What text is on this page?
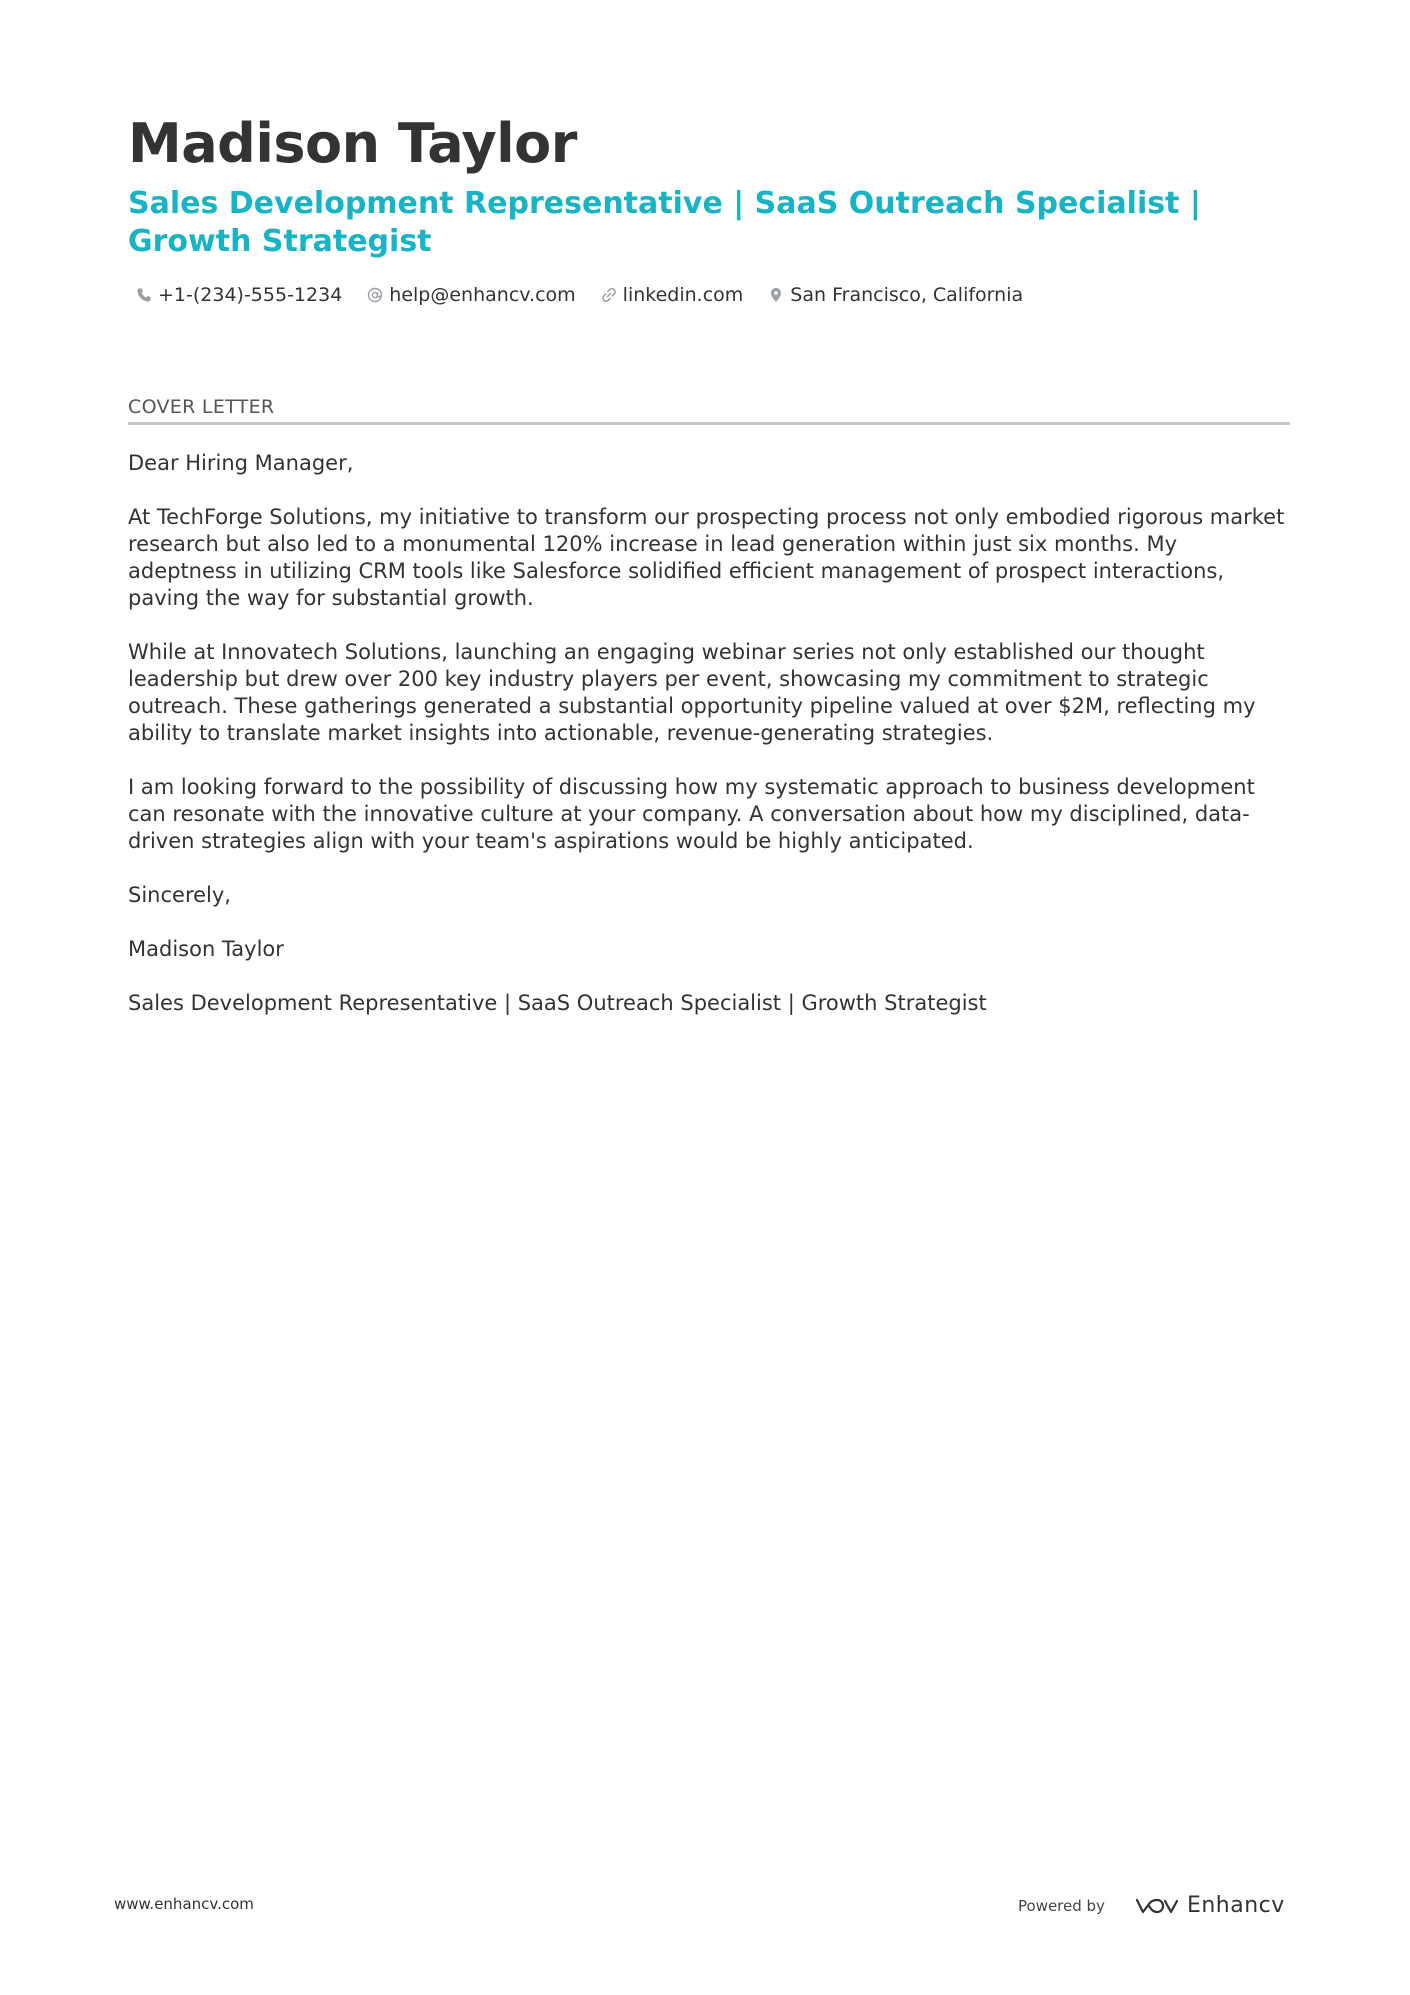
Madison Taylor
Sales Development Representative | SaaS Outreach Specialist | Growth Strategist
+1-(234)-555-1234 help@enhancv.com linkedin.com San Francisco, California
COVER LETTER

Dear Hiring Manager,

At TechForge Solutions, my initiative to transform our prospecting process not only embodied rigorous market research but also led to a monumental 120% increase in lead generation within just six months. My adeptness in utilizing CRM tools like Salesforce solidified efficient management of prospect interactions, paving the way for substantial growth.

While at Innovatech Solutions, launching an engaging webinar series not only established our thought leadership but drew over 200 key industry players per event, showcasing my commitment to strategic outreach. These gatherings generated a substantial opportunity pipeline valued at over $2M, reflecting my ability to translate market insights into actionable, revenue-generating strategies.

I am looking forward to the possibility of discussing how my systematic approach to business development can resonate with the innovative culture at your company. A conversation about how my disciplined, data-driven strategies align with your team's aspirations would be highly anticipated.

Sincerely,

Madison Taylor

Sales Development Representative | SaaS Outreach Specialist | Growth Strategist

www.enhancv.com	Powered by	Enhancv
